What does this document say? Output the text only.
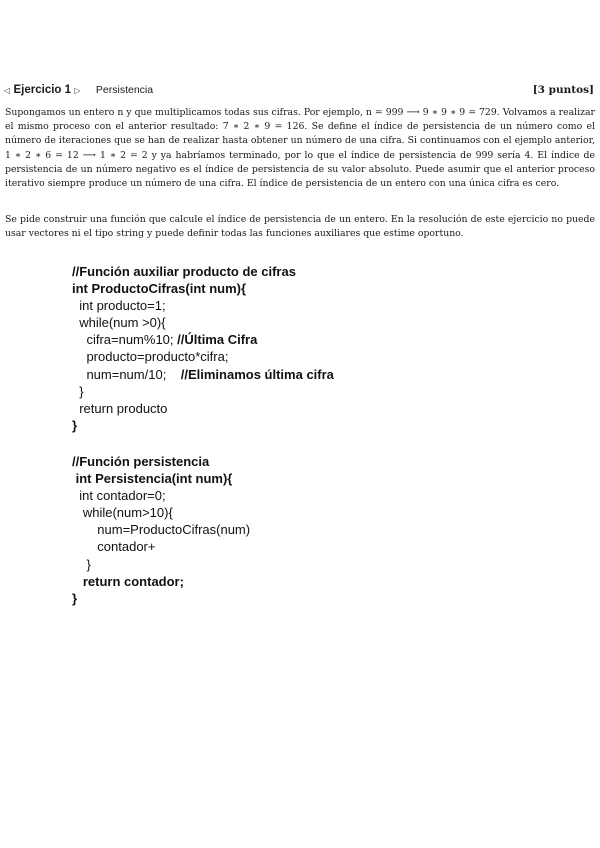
◁ Ejercicio 1 ▷ Persistencia	[3 puntos]
Supongamos un entero n y que multiplicamos todas sus cifras. Por ejemplo, n = 999 ⟶ 9 ∗ 9 ∗ 9 = 729. Volvamos a realizar el mismo proceso con el anterior resultado: 7 ∗ 2 ∗ 9 = 126. Se define el índice de persistencia de un número como el número de iteraciones que se han de realizar hasta obtener un número de una cifra. Si continuamos con el ejemplo anterior, 1 ∗ 2 ∗ 6 = 12 ⟶ 1 ∗ 2 = 2 y ya habríamos terminado, por lo que el índice de persistencia de 999 sería 4. El índice de persistencia de un número negativo es el índice de persistencia de su valor absoluto. Puede asumir que el anterior proceso iterativo siempre produce un número de una cifra. El índice de persistencia de un entero con una única cifra es cero.
Se pide construir una función que calcule el índice de persistencia de un entero. En la resolución de este ejercicio no puede usar vectores ni el tipo string y puede definir todas las funciones auxiliares que estime oportuno.
//Función auxiliar producto de cifras
int ProductoCifras(int num){
int producto=1;
while(num >0){
cifra=num%10; //Última Cifra
producto=producto*cifra;
num=num/10;    //Eliminamos última cifra
}
return producto
}
//Función persistencia
int Persistencia(int num){
int contador=0;
while(num>10){
num=ProductoCifras(num)
contador+
}
return contador;
}
